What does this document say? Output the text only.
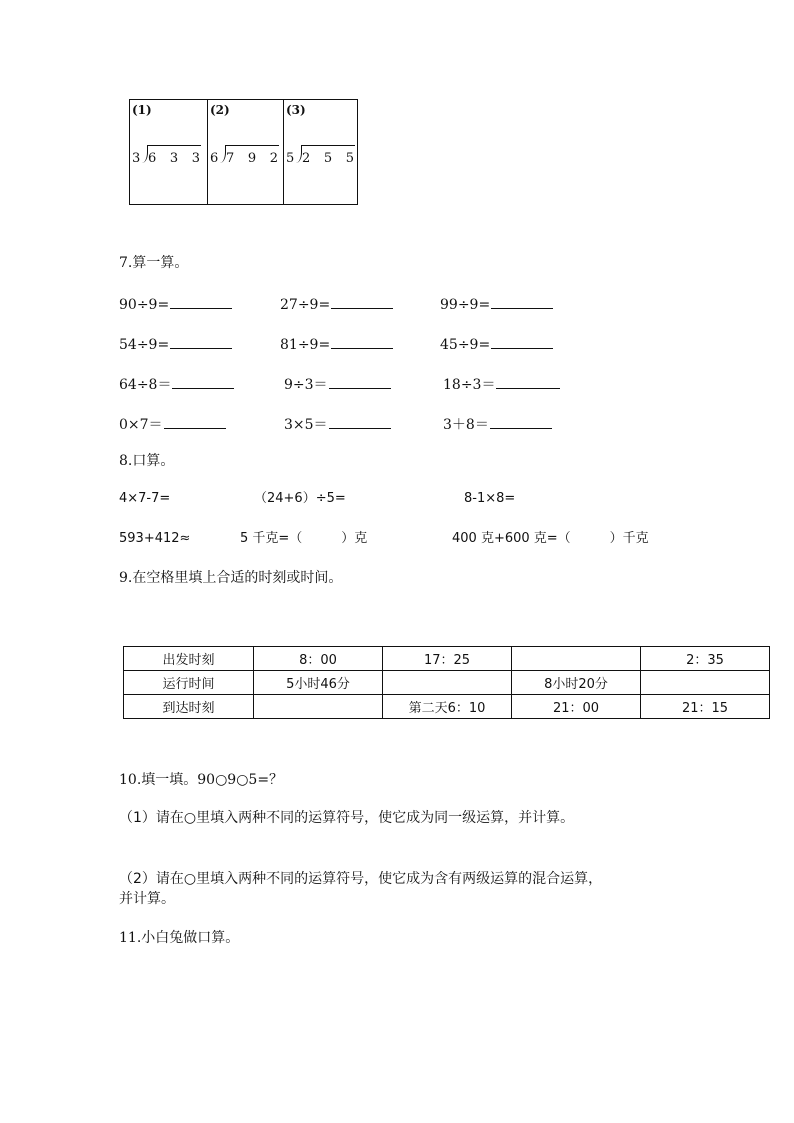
(1)
3 6 3 3
(2)
6 7 9 2
(3)
5 2 5 5
7.算一算。
90÷9=	27÷9=	99÷9=
54÷9=	81÷9=	45÷9=
64÷8＝	9÷3＝	18÷3＝
0×7＝	3×5＝	3＋8＝
8.口算。
4×7-7=	（24+6）÷5=	8-1×8=
593+412≈	5 千克=（　　　）克	400 克+600 克=（　　　）千克
9.在空格里填上合适的时刻或时间。
出发时刻	8：00	17：25		2：35
运行时间	5小时46分		8小时20分	
到达时刻		第二天6：10	21：00	21：15
10.填一填。90○9○5=？
（1）请在○里填入两种不同的运算符号，使它成为同一级运算，并计算。
（2）请在○里填入两种不同的运算符号，使它成为含有两级运算的混合运算，
并计算。
11.小白兔做口算。
